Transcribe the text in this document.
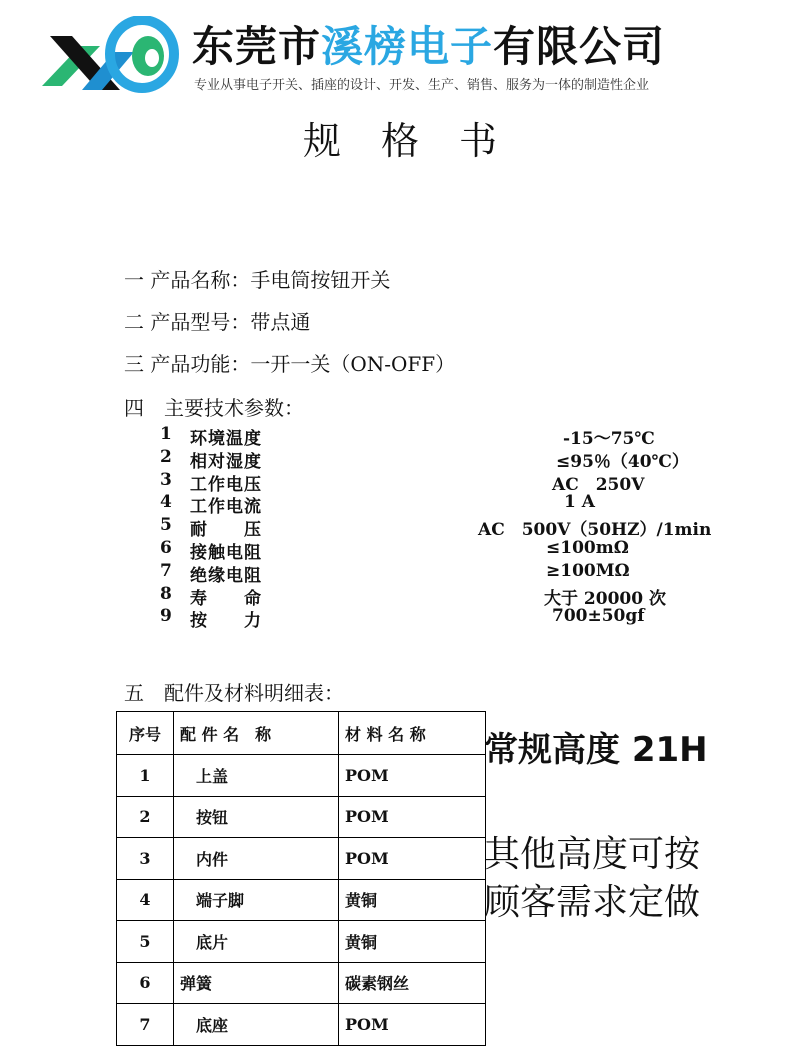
东莞市溪榜电子有限公司
专业从事电子开关、插座的设计、开发、生产、销售、服务为一体的制造性企业
规格书
一 产品名称：手电筒按钮开关
二 产品型号：带点通
三 产品功能：一开一关（ON-OFF）
四　主要技术参数：
1 环境温度	-15～75℃
2 相对湿度	≤95％（40℃）
3 工作电压	AC　250V
4 工作电流	1 A
5 耐　　压	AC　500V（50HZ）/1min
6 接触电阻	≤100mΩ
7 绝缘电阻	≥100MΩ
8 寿　　命	大于 20000 次
9 按　　力	700±50gf
五　配件及材料明细表：
序号	配 件 名　称	材 料 名 称
1	上盖	POM
2	按钮	POM
3	内件	POM
4	端子脚	黄铜
5	底片	黄铜
6	弹簧	碳素钢丝
7	底座	POM
常规高度 21H
其他高度可按
顾客需求定做
